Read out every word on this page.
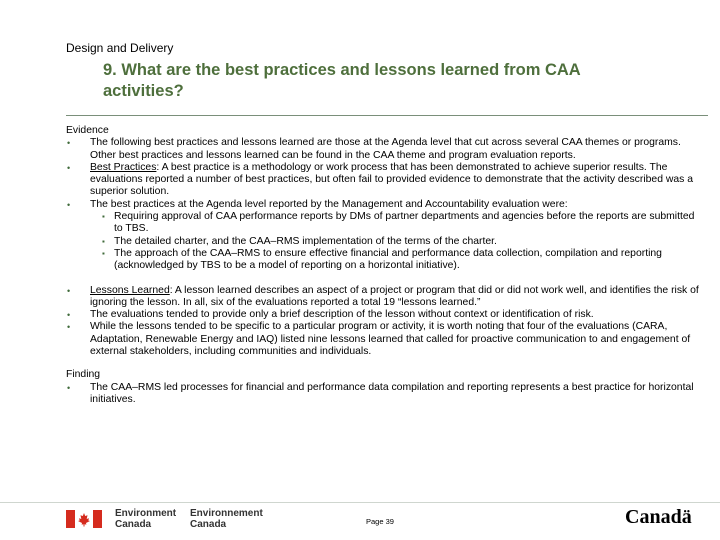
Design and Delivery
9. What are the best practices and lessons learned from CAA activities?

Evidence

• The following best practices and lessons learned are those at the Agenda level that cut across several CAA themes or programs. Other best practices and lessons learned can be found in the CAA theme and program evaluation reports.
• Best Practices: A best practice is a methodology or work process that has been demonstrated to achieve superior results. The evaluations reported a number of best practices, but often fail to provided evidence to demonstrate that the activity described was a superior solution.
• The best practices at the Agenda level reported by the Management and Accountability evaluation were:
▪ Requiring approval of CAA performance reports by DMs of partner departments and agencies before the reports are submitted to TBS.
▪ The detailed charter, and the CAA–RMS implementation of the terms of the charter.
▪ The approach of the CAA–RMS to ensure effective financial and performance data collection, compilation and reporting (acknowledged by TBS to be a model of reporting on a horizontal initiative).
• Lessons Learned: A lesson learned describes an aspect of a project or program that did or did not work well, and identifies the risk of ignoring the lesson. In all, six of the evaluations reported a total 19 “lessons learned.”
• The evaluations tended to provide only a brief description of the lesson without context or identification of risk.
• While the lessons tended to be specific to a particular program or activity, it is worth noting that four of the evaluations (CARA, Adaptation, Renewable Energy and IAQ) listed nine lessons learned that called for proactive communication to and engagement of external stakeholders, including communities and individuals.

Finding

• The CAA–RMS led processes for financial and performance data compilation and reporting represents a best practice for horizontal initiatives.
Environment
Canada
Environnement
Canada	Page 39	Canadä
